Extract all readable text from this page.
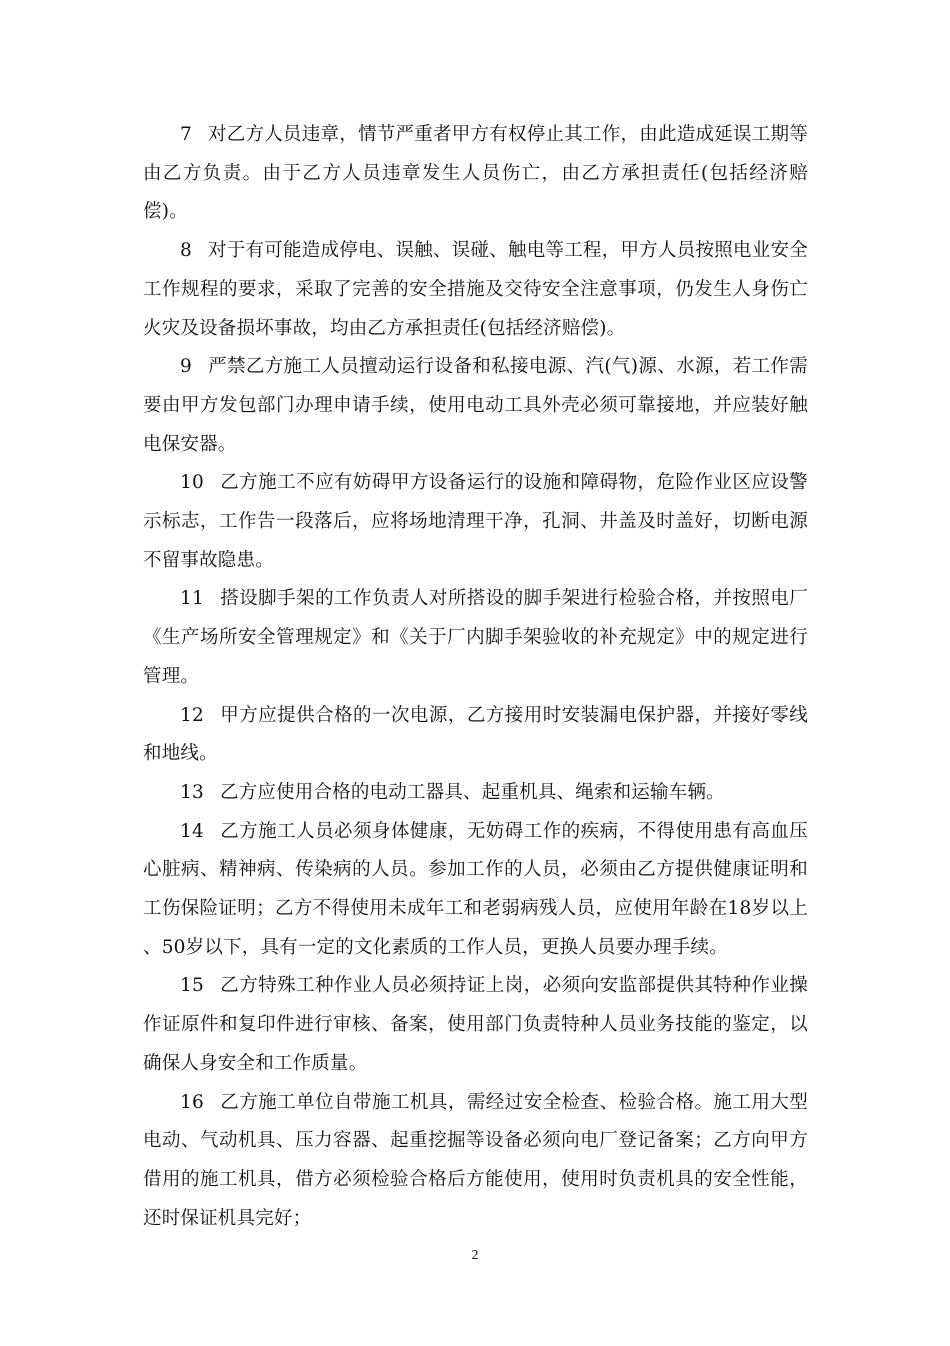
7 对乙方人员违章，情节严重者甲方有权停止其工作，由此造成延误工期等由乙方负责。由于乙方人员违章发生人员伤亡，由乙方承担责任(包括经济赔偿)。

8 对于有可能造成停电、误触、误碰、触电等工程，甲方人员按照电业安全工作规程的要求，采取了完善的安全措施及交待安全注意事项，仍发生人身伤亡火灾及设备损坏事故，均由乙方承担责任(包括经济赔偿)。

9 严禁乙方施工人员擅动运行设备和私接电源、汽(气)源、水源，若工作需要由甲方发包部门办理申请手续，使用电动工具外壳必须可靠接地，并应装好触电保安器。

10 乙方施工不应有妨碍甲方设备运行的设施和障碍物，危险作业区应设警示标志，工作告一段落后，应将场地清理干净，孔洞、井盖及时盖好，切断电源不留事故隐患。

11 搭设脚手架的工作负责人对所搭设的脚手架进行检验合格，并按照电厂《生产场所安全管理规定》和《关于厂内脚手架验收的补充规定》中的规定进行管理。

12 甲方应提供合格的一次电源，乙方接用时安装漏电保护器，并接好零线和地线。

13 乙方应使用合格的电动工器具、起重机具、绳索和运输车辆。

14 乙方施工人员必须身体健康，无妨碍工作的疾病，不得使用患有高血压心脏病、精神病、传染病的人员。参加工作的人员，必须由乙方提供健康证明和工伤保险证明；乙方不得使用未成年工和老弱病残人员，应使用年龄在18岁以上 、50岁以下，具有一定的文化素质的工作人员，更换人员要办理手续。

15 乙方特殊工种作业人员必须持证上岗，必须向安监部提供其特种作业操作证原件和复印件进行审核、备案，使用部门负责特种人员业务技能的鉴定，以确保人身安全和工作质量。

16 乙方施工单位自带施工机具，需经过安全检查、检验合格。施工用大型电动、气动机具、压力容器、起重挖掘等设备必须向电厂登记备案；乙方向甲方借用的施工机具，借方必须检验合格后方能使用，使用时负责机具的安全性能，还时保证机具完好；

2
